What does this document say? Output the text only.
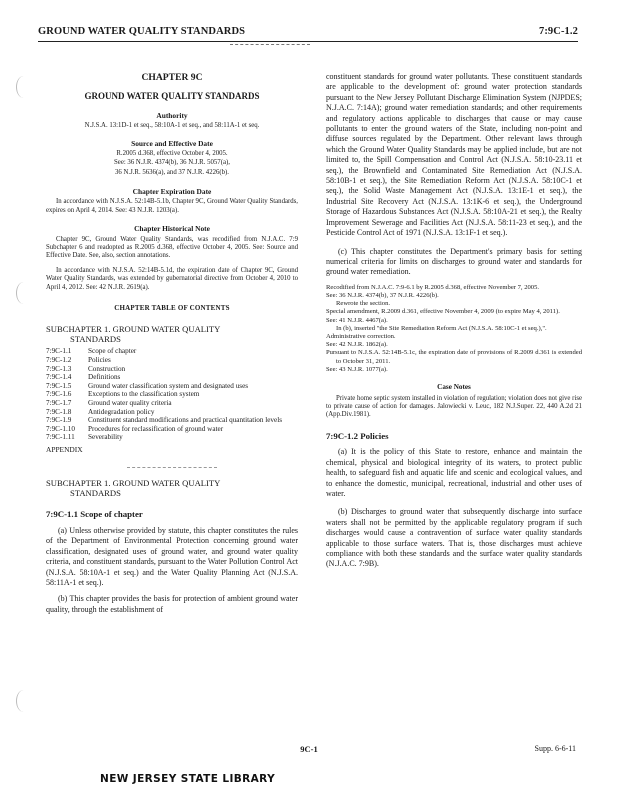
GROUND WATER QUALITY STANDARDS	7:9C-1.2
CHAPTER 9C
GROUND WATER QUALITY STANDARDS
Authority
N.J.S.A. 13:1D-1 et seq., 58:10A-1 et seq., and 58:11A-1 et seq.
Source and Effective Date
R.2005 d.368, effective October 4, 2005.
See: 36 N.J.R. 4374(b), 36 N.J.R. 5057(a),
36 N.J.R. 5636(a), and 37 N.J.R. 4226(b).
Chapter Expiration Date
In accordance with N.J.S.A. 52:14B-5.1b, Chapter 9C, Ground Water Quality Standards, expires on April 4, 2014. See: 43 N.J.R. 1203(a).
Chapter Historical Note
Chapter 9C, Ground Water Quality Standards, was recodified from N.J.A.C. 7:9 Subchapter 6 and readopted as R.2005 d.368, effective October 4, 2005. See: Source and Effective Date. See, also, section annotations.
In accordance with N.J.S.A. 52:14B-5.1d, the expiration date of Chapter 9C, Ground Water Quality Standards, was extended by gubernatorial directive from October 4, 2010 to April 4, 2012. See: 42 N.J.R. 2619(a).
CHAPTER TABLE OF CONTENTS
SUBCHAPTER 1. GROUND WATER QUALITY
STANDARDS
7:9C-1.1	Scope of chapter
7:9C-1.2	Policies
7:9C-1.3	Construction
7:9C-1.4	Definitions
7:9C-1.5	Ground water classification system and designated uses
7:9C-1.6	Exceptions to the classification system
7:9C-1.7	Ground water quality criteria
7:9C-1.8	Antidegradation policy
7:9C-1.9	Constituent standard modifications and practical quantitation levels
7:9C-1.10	Procedures for reclassification of ground water
7:9C-1.11	Severability
APPENDIX
SUBCHAPTER 1. GROUND WATER QUALITY
STANDARDS
7:9C-1.1 Scope of chapter
(a) Unless otherwise provided by statute, this chapter constitutes the rules of the Department of Environmental Protection concerning ground water classification, designated uses of ground water, and ground water quality criteria, and constituent standards, pursuant to the Water Pollution Control Act (N.J.S.A. 58:10A-1 et seq.) and the Water Quality Planning Act (N.J.S.A. 58:11A-1 et seq.).
(b) This chapter provides the basis for protection of ambient ground water quality, through the establishment of
constituent standards for ground water pollutants. These constituent standards are applicable to the development of: ground water protection standards pursuant to the New Jersey Pollutant Discharge Elimination System (NJPDES; N.J.A.C. 7:14A); ground water remediation standards; and other requirements and regulatory actions applicable to discharges that cause or may cause pollutants to enter the ground waters of the State, including non-point and diffuse sources regulated by the Department. Other relevant laws through which the Ground Water Quality Standards may be applied include, but are not limited to, the Spill Compensation and Control Act (N.J.S.A. 58:10-23.11 et seq.), the Brownfield and Contaminated Site Remediation Act (N.J.S.A. 58:10B-1 et seq.), the Site Remediation Reform Act (N.J.S.A. 58:10C-1 et seq.), the Solid Waste Management Act (N.J.S.A. 13:1E-1 et seq.), the Industrial Site Recovery Act (N.J.S.A. 13:1K-6 et seq.), the Underground Storage of Hazardous Substances Act (N.J.S.A. 58:10A-21 et seq.), the Realty Improvement Sewerage and Facilities Act (N.J.S.A. 58:11-23 et seq.), and the Pesticide Control Act of 1971 (N.J.S.A. 13:1F-1 et seq.).
(c) This chapter constitutes the Department's primary basis for setting numerical criteria for limits on discharges to ground water and standards for ground water remediation.
Recodified from N.J.A.C. 7:9-6.1 by R.2005 d.368, effective November 7, 2005.
See: 36 N.J.R. 4374(b), 37 N.J.R. 4226(b).
Rewrote the section.
Special amendment, R.2009 d.361, effective November 4, 2009 (to expire May 4, 2011).
See: 41 N.J.R. 4467(a).
In (b), inserted "the Site Remediation Reform Act (N.J.S.A. 58:10C-1 et seq.),".
Administrative correction.
See: 42 N.J.R. 1862(a).
Pursuant to N.J.S.A. 52:14B-5.1c, the expiration date of provisions of R.2009 d.361 is extended to October 31, 2011.
See: 43 N.J.R. 1077(a).
Case Notes
Private home septic system installed in violation of regulation; violation does not give rise to private cause of action for damages. Jalowiecki v. Leuc, 182 N.J.Super. 22, 440 A.2d 21 (App.Div.1981).
7:9C-1.2 Policies
(a) It is the policy of this State to restore, enhance and maintain the chemical, physical and biological integrity of its waters, to protect public health, to safeguard fish and aquatic life and scenic and ecological values, and to enhance the domestic, municipal, recreational, industrial and other uses of water.
(b) Discharges to ground water that subsequently discharge into surface waters shall not be permitted by the applicable regulatory program if such discharges would cause a contravention of surface water quality standards applicable to those surface waters. That is, those discharges must achieve compliance with both these standards and the surface water quality standards (N.J.A.C. 7:9B).
9C-1	Supp. 6-6-11
NEW JERSEY STATE LIBRARY
